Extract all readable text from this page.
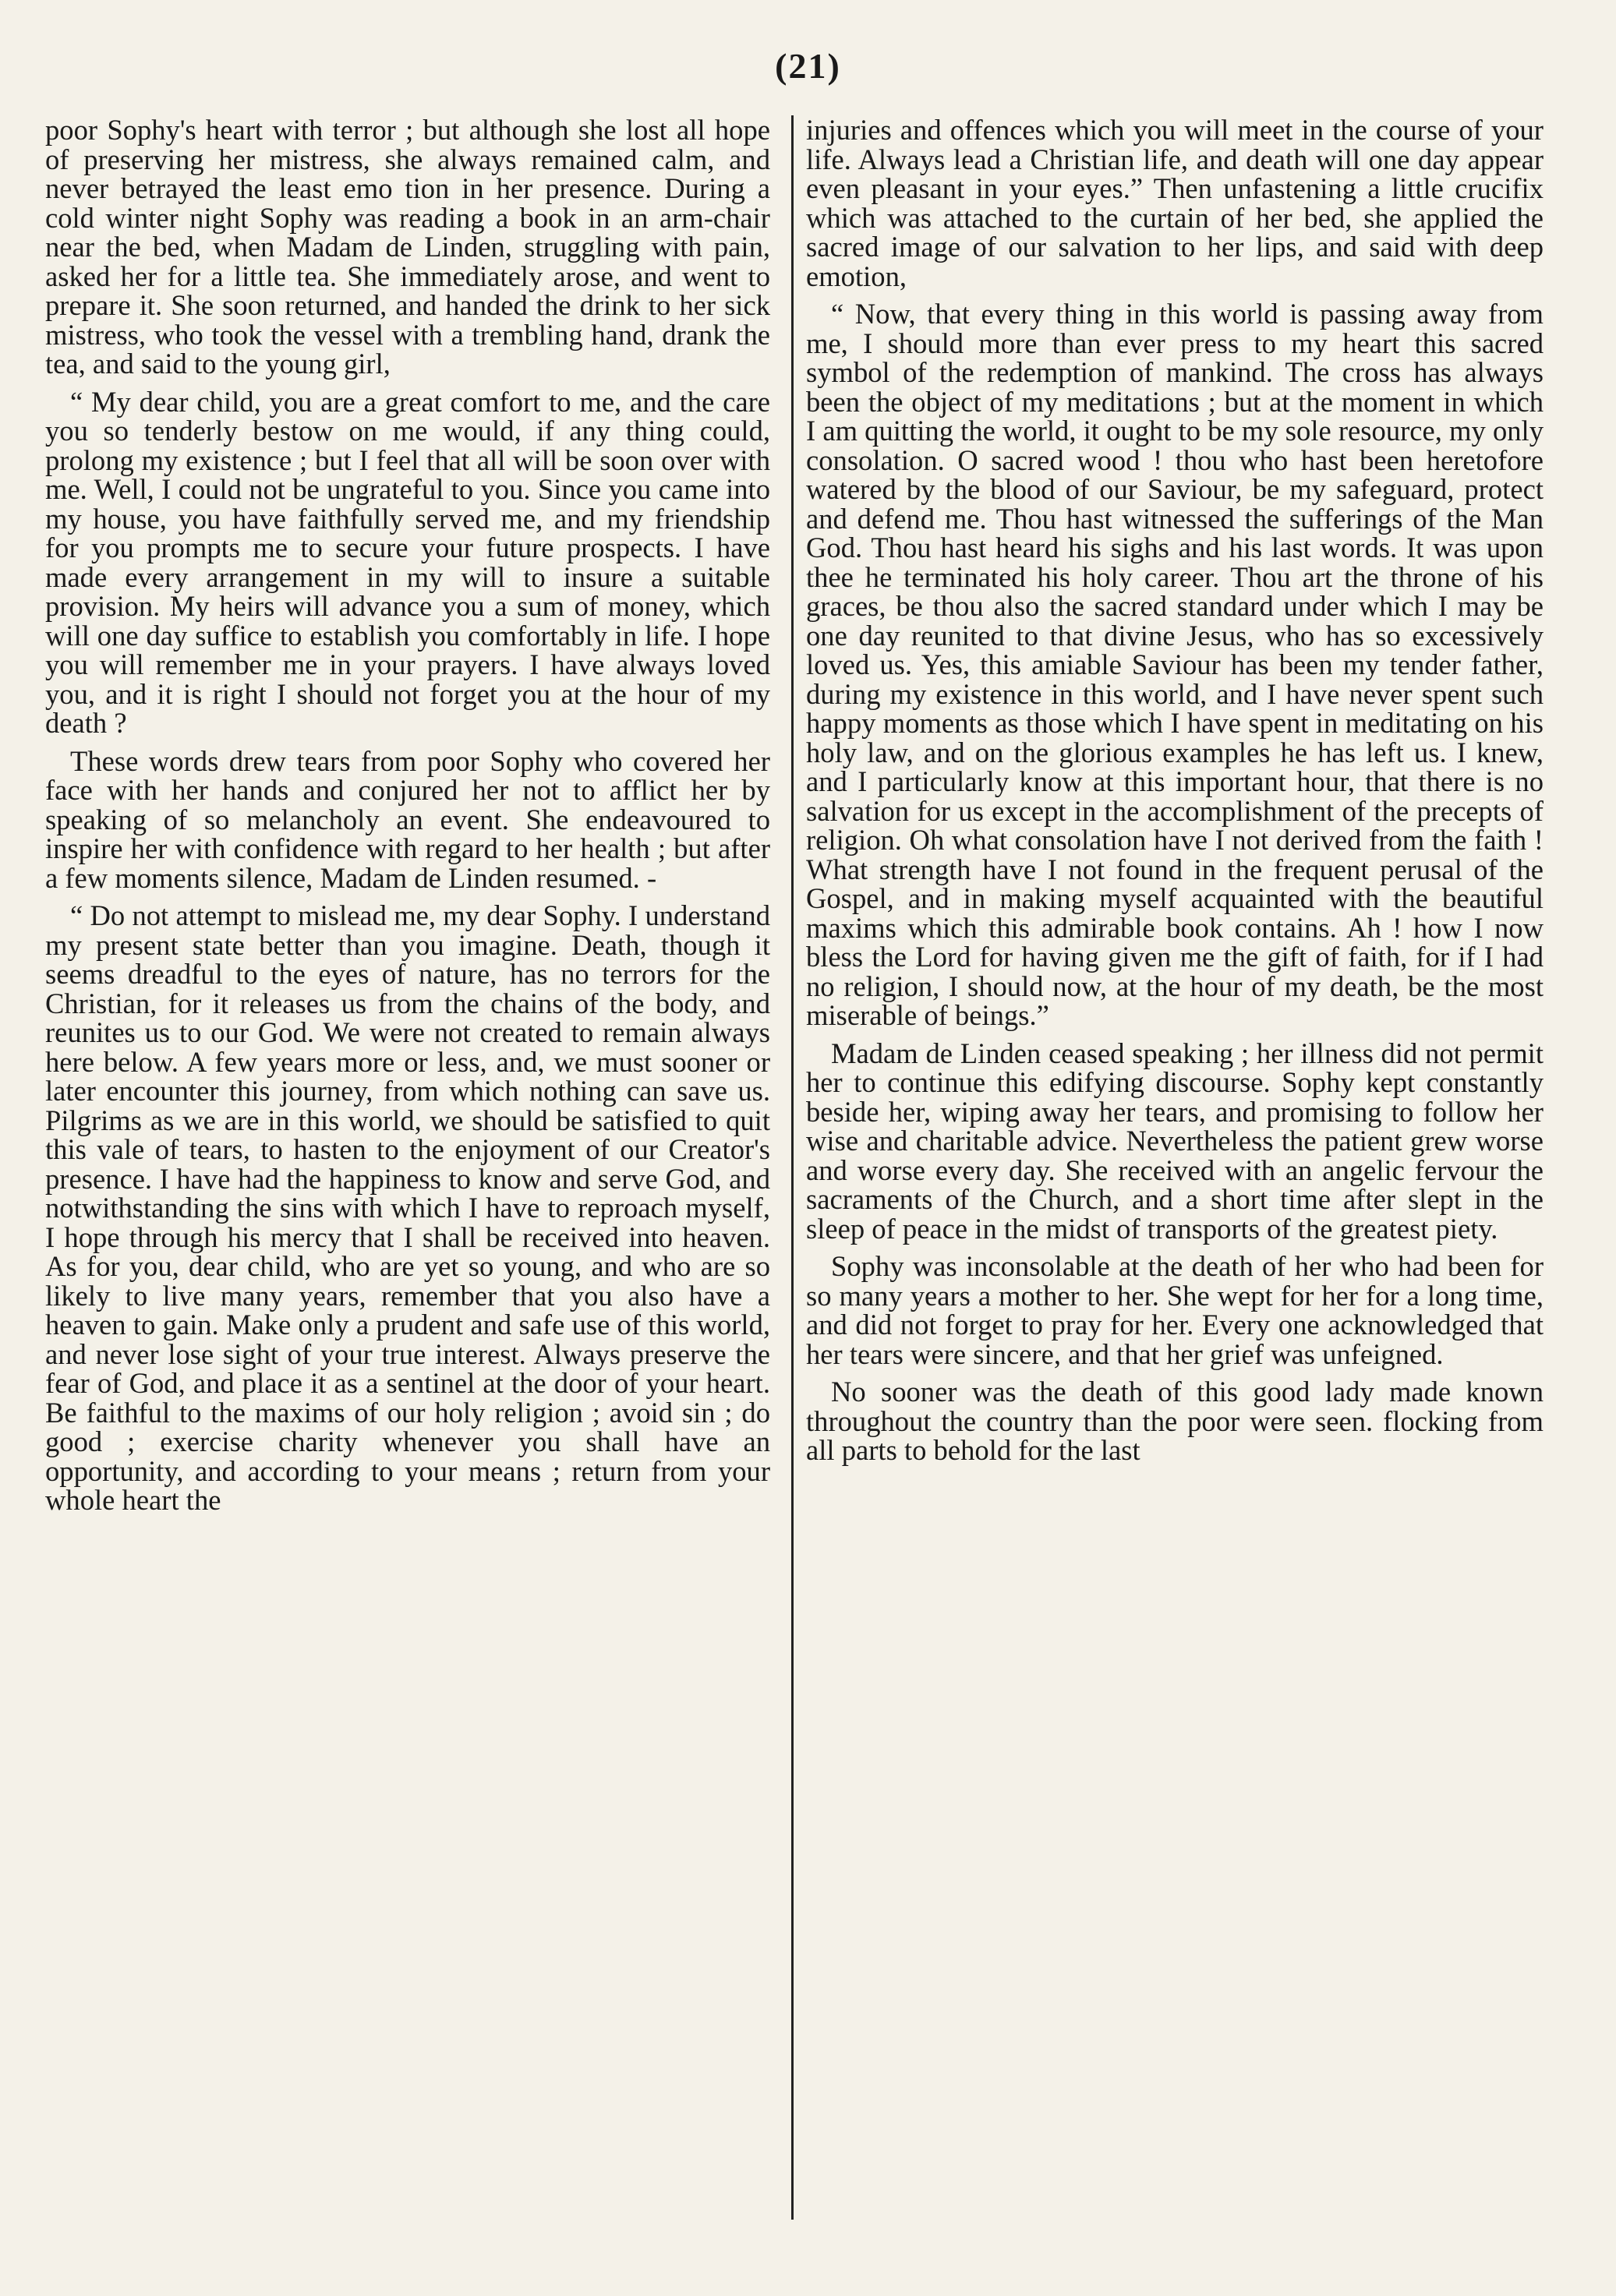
(21)

poor Sophy's heart with terror ; but although she lost all hope of preserving her mistress, she always remained calm, and never betrayed the least emo tion in her presence. During a cold winter night Sophy was reading a book in an arm-chair near the bed, when Madam de Linden, struggling with pain, asked her for a little tea. She immediately arose, and went to prepare it. She soon returned, and handed the drink to her sick mistress, who took the vessel with a trembling hand, drank the tea, and said to the young girl,

“ My dear child, you are a great comfort to me, and the care you so tenderly bestow on me would, if any thing could, prolong my existence ; but I feel that all will be soon over with me. Well, I could not be ungrateful to you. Since you came into my house, you have faithfully served me, and my friendship for you prompts me to secure your future prospects. I have made every arrangement in my will to insure a suitable provision. My heirs will advance you a sum of money, which will one day suffice to establish you comfortably in life. I hope you will remember me in your prayers. I have always loved you, and it is right I should not forget you at the hour of my death ?

These words drew tears from poor Sophy who covered her face with her hands and conjured her not to afflict her by speaking of so melancholy an event. She endeavoured to inspire her with confidence with regard to her health ; but after a few moments silence, Madam de Linden resumed. -

“ Do not attempt to mislead me, my dear Sophy. I understand my present state better than you imagine. Death, though it seems dreadful to the eyes of nature, has no terrors for the Christian, for it releases us from the chains of the body, and reunites us to our God. We were not created to remain always here below. A few years more or less, and, we must sooner or later encounter this journey, from which nothing can save us. Pilgrims as we are in this world, we should be satisfied to quit this vale of tears, to hasten to the enjoyment of our Creator's presence. I have had the happiness to know and serve God, and notwithstanding the sins with which I have to reproach myself, I hope through his mercy that I shall be received into heaven. As for you, dear child, who are yet so young, and who are so likely to live many years, remember that you also have a heaven to gain. Make only a prudent and safe use of this world, and never lose sight of your true interest. Always preserve the fear of God, and place it as a sentinel at the door of your heart. Be faithful to the maxims of our holy religion ; avoid sin ; do good ; exercise charity whenever you shall have an opportunity, and according to your means ; return from your whole heart the

injuries and offences which you will meet in the course of your life. Always lead a Christian life, and death will one day appear even pleasant in your eyes.” Then unfastening a little crucifix which was attached to the curtain of her bed, she applied the sacred image of our salvation to her lips, and said with deep emotion,

“ Now, that every thing in this world is passing away from me, I should more than ever press to my heart this sacred symbol of the redemption of mankind. The cross has always been the object of my meditations ; but at the moment in which I am quitting the world, it ought to be my sole resource, my only consolation. O sacred wood ! thou who hast been heretofore watered by the blood of our Saviour, be my safeguard, protect and defend me. Thou hast witnessed the sufferings of the Man God. Thou hast heard his sighs and his last words. It was upon thee he terminated his holy career. Thou art the throne of his graces, be thou also the sacred standard under which I may be one day reunited to that divine Jesus, who has so excessively loved us. Yes, this amiable Saviour has been my tender father, during my existence in this world, and I have never spent such happy moments as those which I have spent in meditating on his holy law, and on the glorious examples he has left us. I knew, and I particularly know at this important hour, that there is no salvation for us except in the accomplishment of the precepts of religion. Oh what consolation have I not derived from the faith ! What strength have I not found in the frequent perusal of the Gospel, and in making myself acquainted with the beautiful maxims which this admirable book contains. Ah ! how I now bless the Lord for having given me the gift of faith, for if I had no religion, I should now, at the hour of my death, be the most miserable of beings.”

Madam de Linden ceased speaking ; her illness did not permit her to continue this edifying discourse. Sophy kept constantly beside her, wiping away her tears, and promising to follow her wise and charitable advice. Nevertheless the patient grew worse and worse every day. She received with an angelic fervour the sacraments of the Church, and a short time after slept in the sleep of peace in the midst of transports of the greatest piety.

Sophy was inconsolable at the death of her who had been for so many years a mother to her. She wept for her for a long time, and did not forget to pray for her. Every one acknowledged that her tears were sincere, and that her grief was unfeigned.

No sooner was the death of this good lady made known throughout the country than the poor were seen. flocking from all parts to behold for the last
